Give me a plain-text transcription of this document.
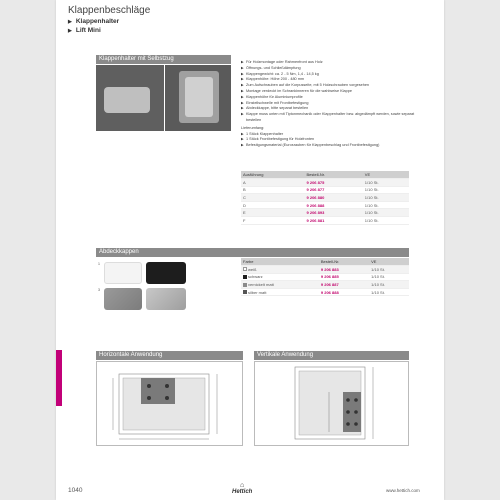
Klappenbeschläge
▶ Klappenhalter
▶ Lift Mini
Klappenhalter mit Selbstzug	▶ Für Holzmontage oder Rahmenfront aus Holz
▶ Öffnungs- und Schließdämpfung
▶ Klappengewicht: ca. 2 - 5 Nm, 1,4 - 14,5 kg
▶ Klappenhöhe: Höhe 200 - 480 mm
▶ Zum Aufschrauben auf die Korpusseite, mit 5 Holzschrauben vorgesehen
▶ Montage verdeckt im Schrankinneren für die wahlweise Klappe
▶ Klappenhöhe für Aluminiumprofile
▶ Einstellschwelle mit Frontbefestigung
▶ Abdeckkappe, bitte separat bestellen
▶ Klappe muss unten mit Tiptonmechanik oder Klappenhalter bzw. abgedämpft werden, sowie separat bestellen
Lieferumfang:
▶ 1 Stück Klappenhalter
▶ 1 Stück Frontbefestigung für Holzfronten
▶ Befestigungsmaterial (Eurosrauben für Klappenbeschlag und Frontbefestigung)
Ausführung	Bestell-Nr.	VE
A	9 206 875	1/10 St.
B	9 206 877	1/10 St.
C	9 206 880	1/10 St.
D	9 206 888	1/10 St.
E	9 206 893	1/10 St.
F	9 206 881	1/10 St.
Abdeckkappen
1
3
Farbe	Bestell-Nr.	VE
weiß	9 206 883	1/10 St.
schwarz	9 206 885	1/10 St.
vernickelt matt	9 206 887	1/10 St.
silber matt	9 206 888	1/10 St.
Horizontale Anwendung	Vertikale Anwendung
1040
⌂
Hettich	www.hettich.com
